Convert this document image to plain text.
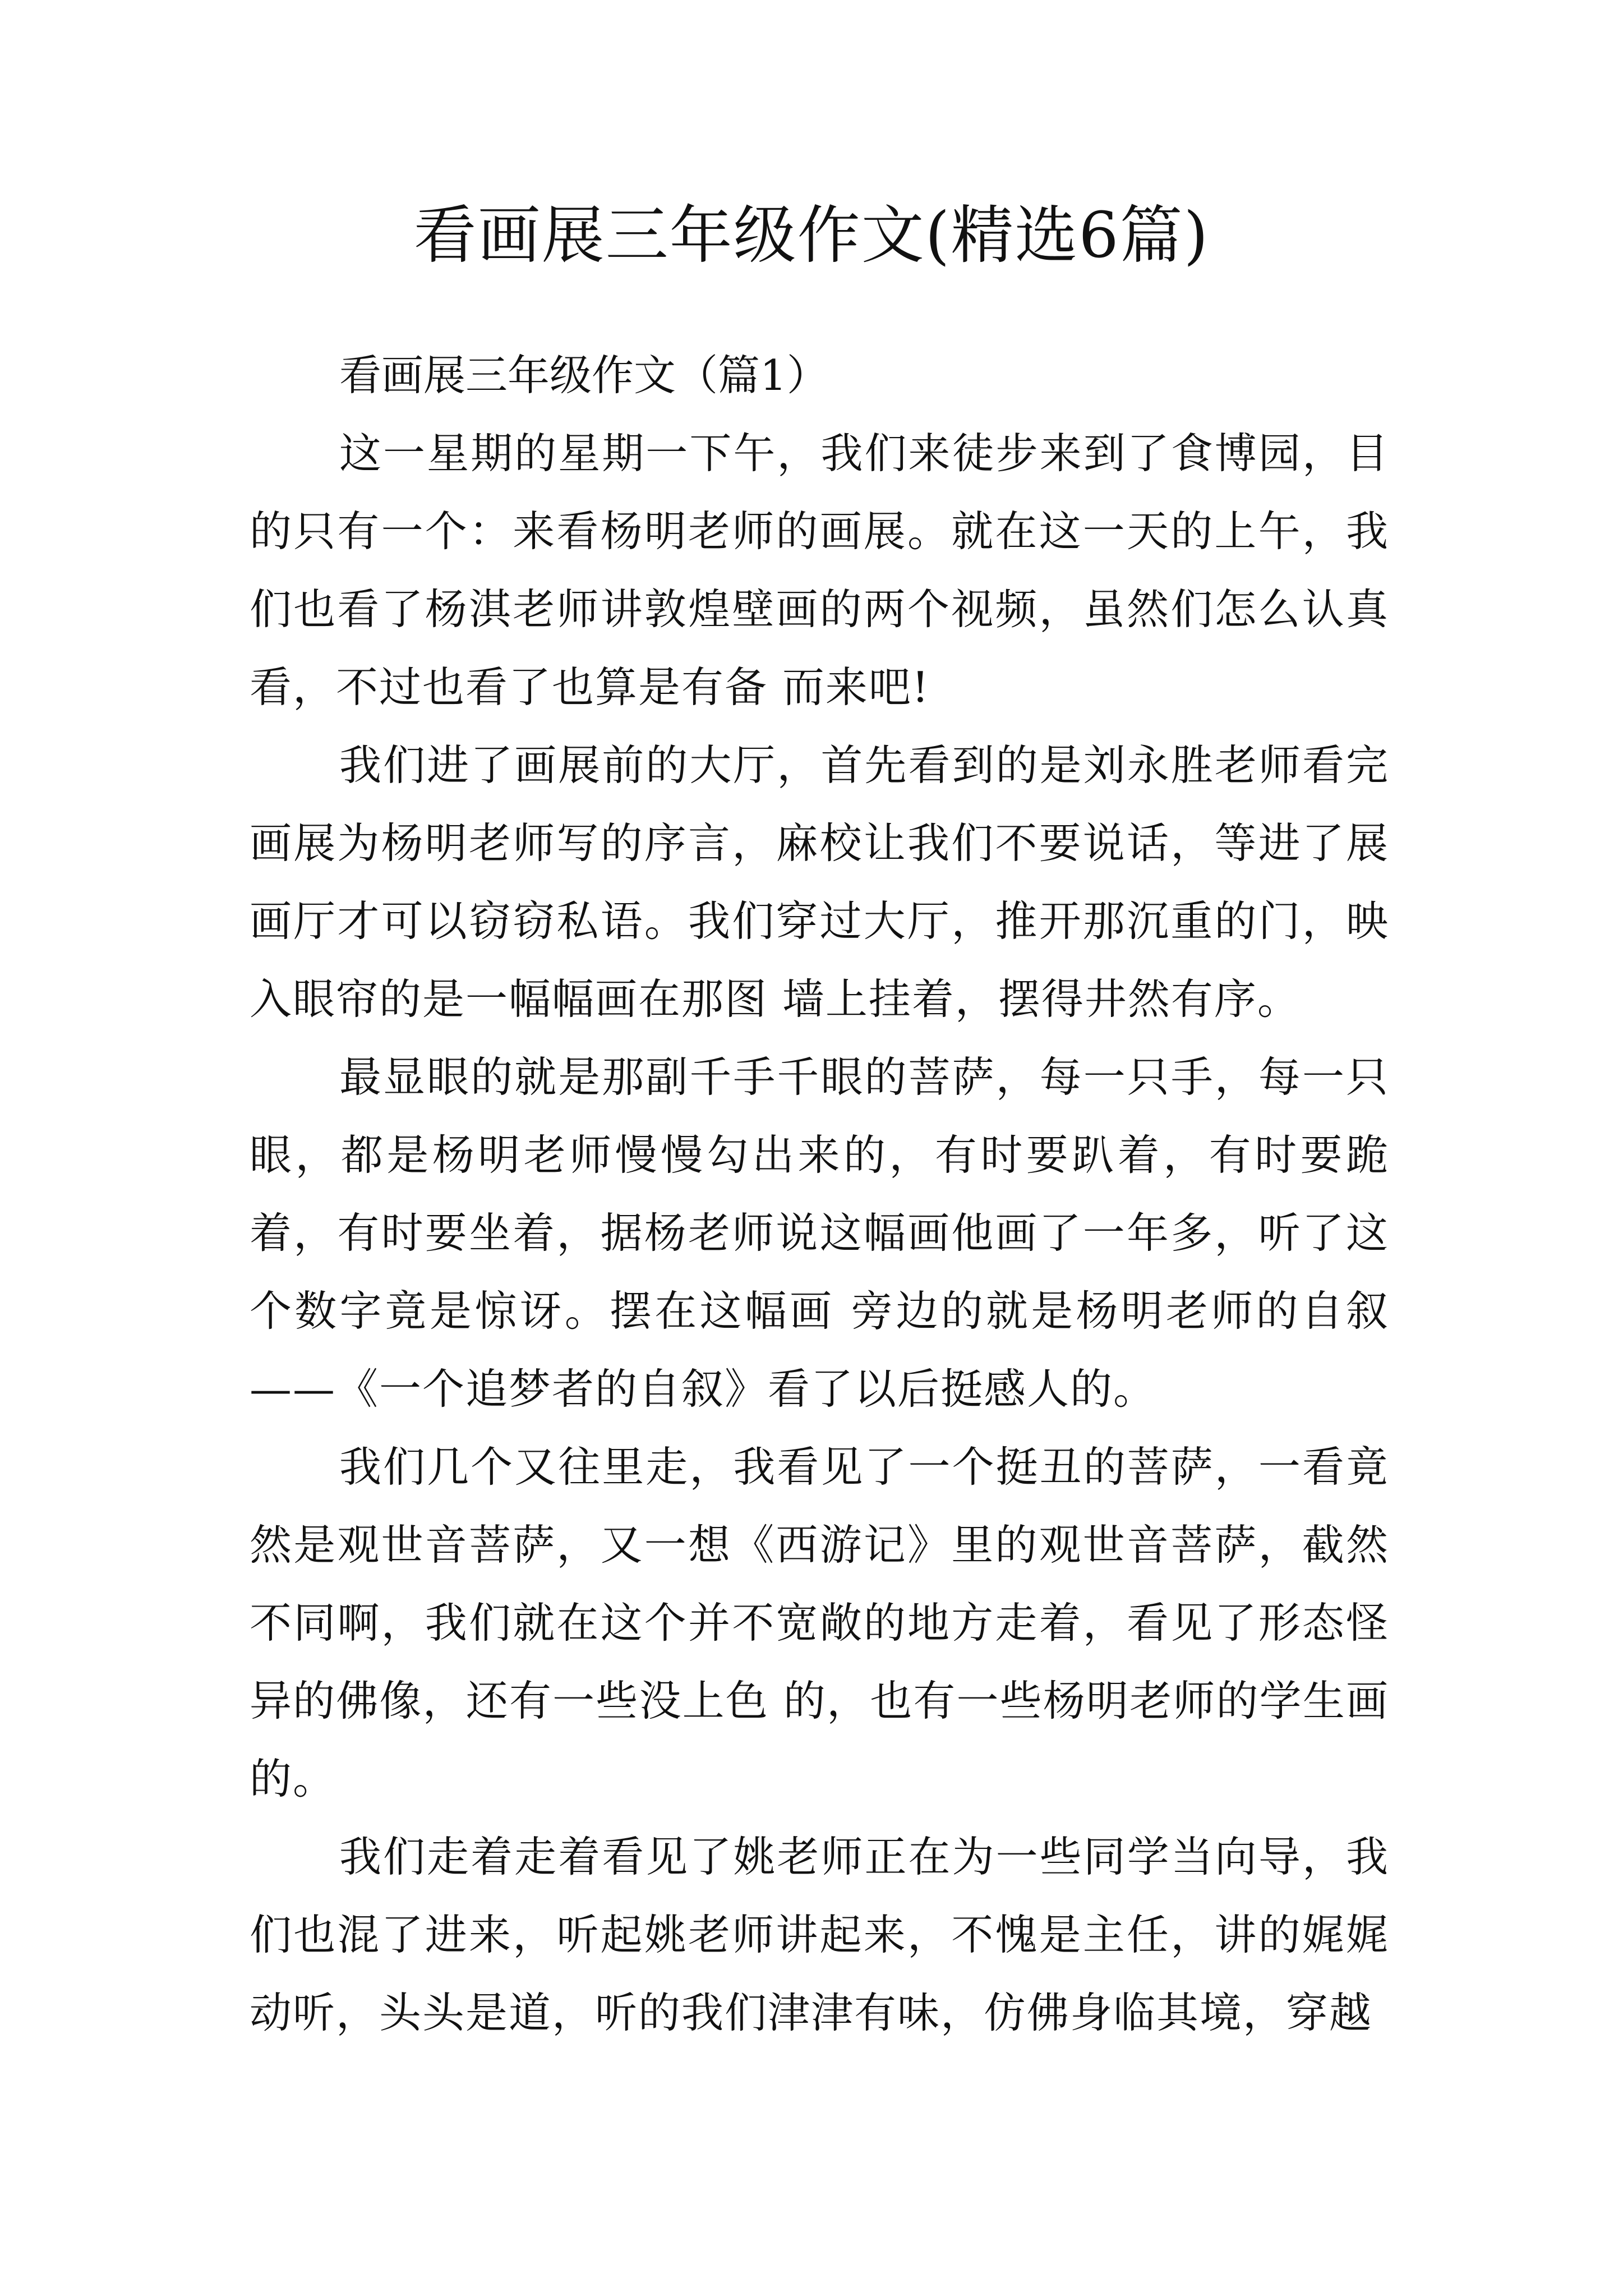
看画展三年级作文(精选6篇)

看画展三年级作文（篇1）

这一星期的星期一下午，我们来徒步来到了食博园，目的只有一个：来看杨明老师的画展。就在这一天的上午，我们也看了杨淇老师讲敦煌壁画的两个视频，虽然们怎么认真看，不过也看了也算是有备 而来吧!

我们进了画展前的大厅，首先看到的是刘永胜老师看完画展为杨明老师写的序言，麻校让我们不要说话，等进了展画厅才可以窃窃私语。我们穿过大厅，推开那沉重的门，映入眼帘的是一幅幅画在那图 墙上挂着，摆得井然有序。

最显眼的就是那副千手千眼的菩萨，每一只手，每一只眼，都是杨明老师慢慢勾出来的，有时要趴着，有时要跪着，有时要坐着，据杨老师说这幅画他画了一年多，听了这个数字竟是惊讶。摆在这幅画 旁边的就是杨明老师的自叙——《一个追梦者的自叙》看了以后挺感人的。

我们几个又往里走，我看见了一个挺丑的菩萨，一看竟然是观世音菩萨，又一想《西游记》里的观世音菩萨，截然不同啊，我们就在这个并不宽敞的地方走着，看见了形态怪异的佛像，还有一些没上色 的，也有一些杨明老师的学生画的。

我们走着走着看见了姚老师正在为一些同学当向导，我们也混了进来，听起姚老师讲起来，不愧是主任，讲的娓娓动听，头头是道，听的我们津津有味，仿佛身临其境，穿越
